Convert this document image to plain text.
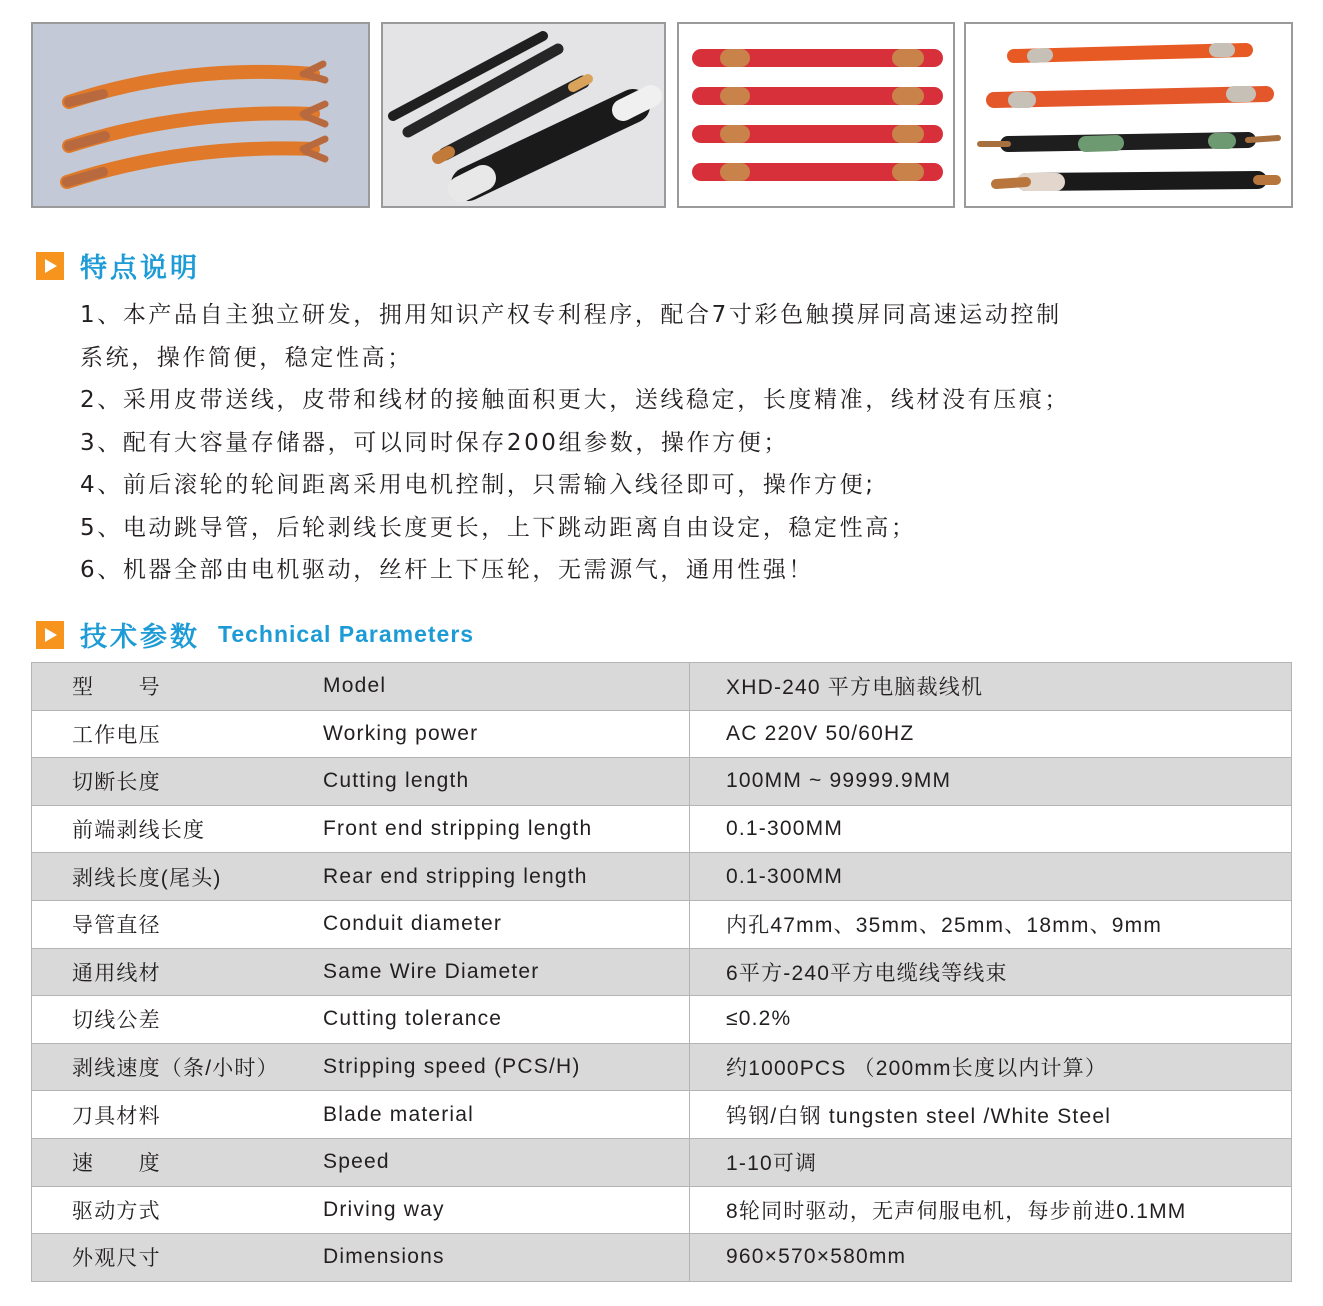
特点说明
1、本产品自主独立研发，拥用知识产权专利程序，配合7寸彩色触摸屏同高速运动控制
系统，操作简便，稳定性高；
2、采用皮带送线，皮带和线材的接触面积更大，送线稳定，长度精准，线材没有压痕；
3、配有大容量存储器，可以同时保存200组参数，操作方便；
4、前后滚轮的轮间距离采用电机控制，只需输入线径即可，操作方便;
5、电动跳导管，后轮剥线长度更长，上下跳动距离自由设定，稳定性高；
6、机器全部由电机驱动，丝杆上下压轮，无需源气，通用性强！
技术参数 Technical Parameters
型　　号	Model	XHD-240 平方电脑裁线机
工作电压	Working power	AC 220V 50/60HZ
切断长度	Cutting length	100MM ~ 99999.9MM
前端剥线长度	Front end stripping length	0.1-300MM
剥线长度(尾头)	Rear end stripping length	0.1-300MM
导管直径	Conduit diameter	内孔47mm、35mm、25mm、18mm、9mm
通用线材	Same Wire Diameter	6平方-240平方电缆线等线束
切线公差	Cutting tolerance	≤0.2%
剥线速度（条/小时）	Stripping speed (PCS/H)	约1000PCS （200mm长度以内计算）
刀具材料	Blade material	钨钢/白钢 tungsten steel /White Steel
速　　度	Speed	1-10可调
驱动方式	Driving way	8轮同时驱动，无声伺服电机，每步前进0.1MM
外观尺寸	Dimensions	960×570×580mm
